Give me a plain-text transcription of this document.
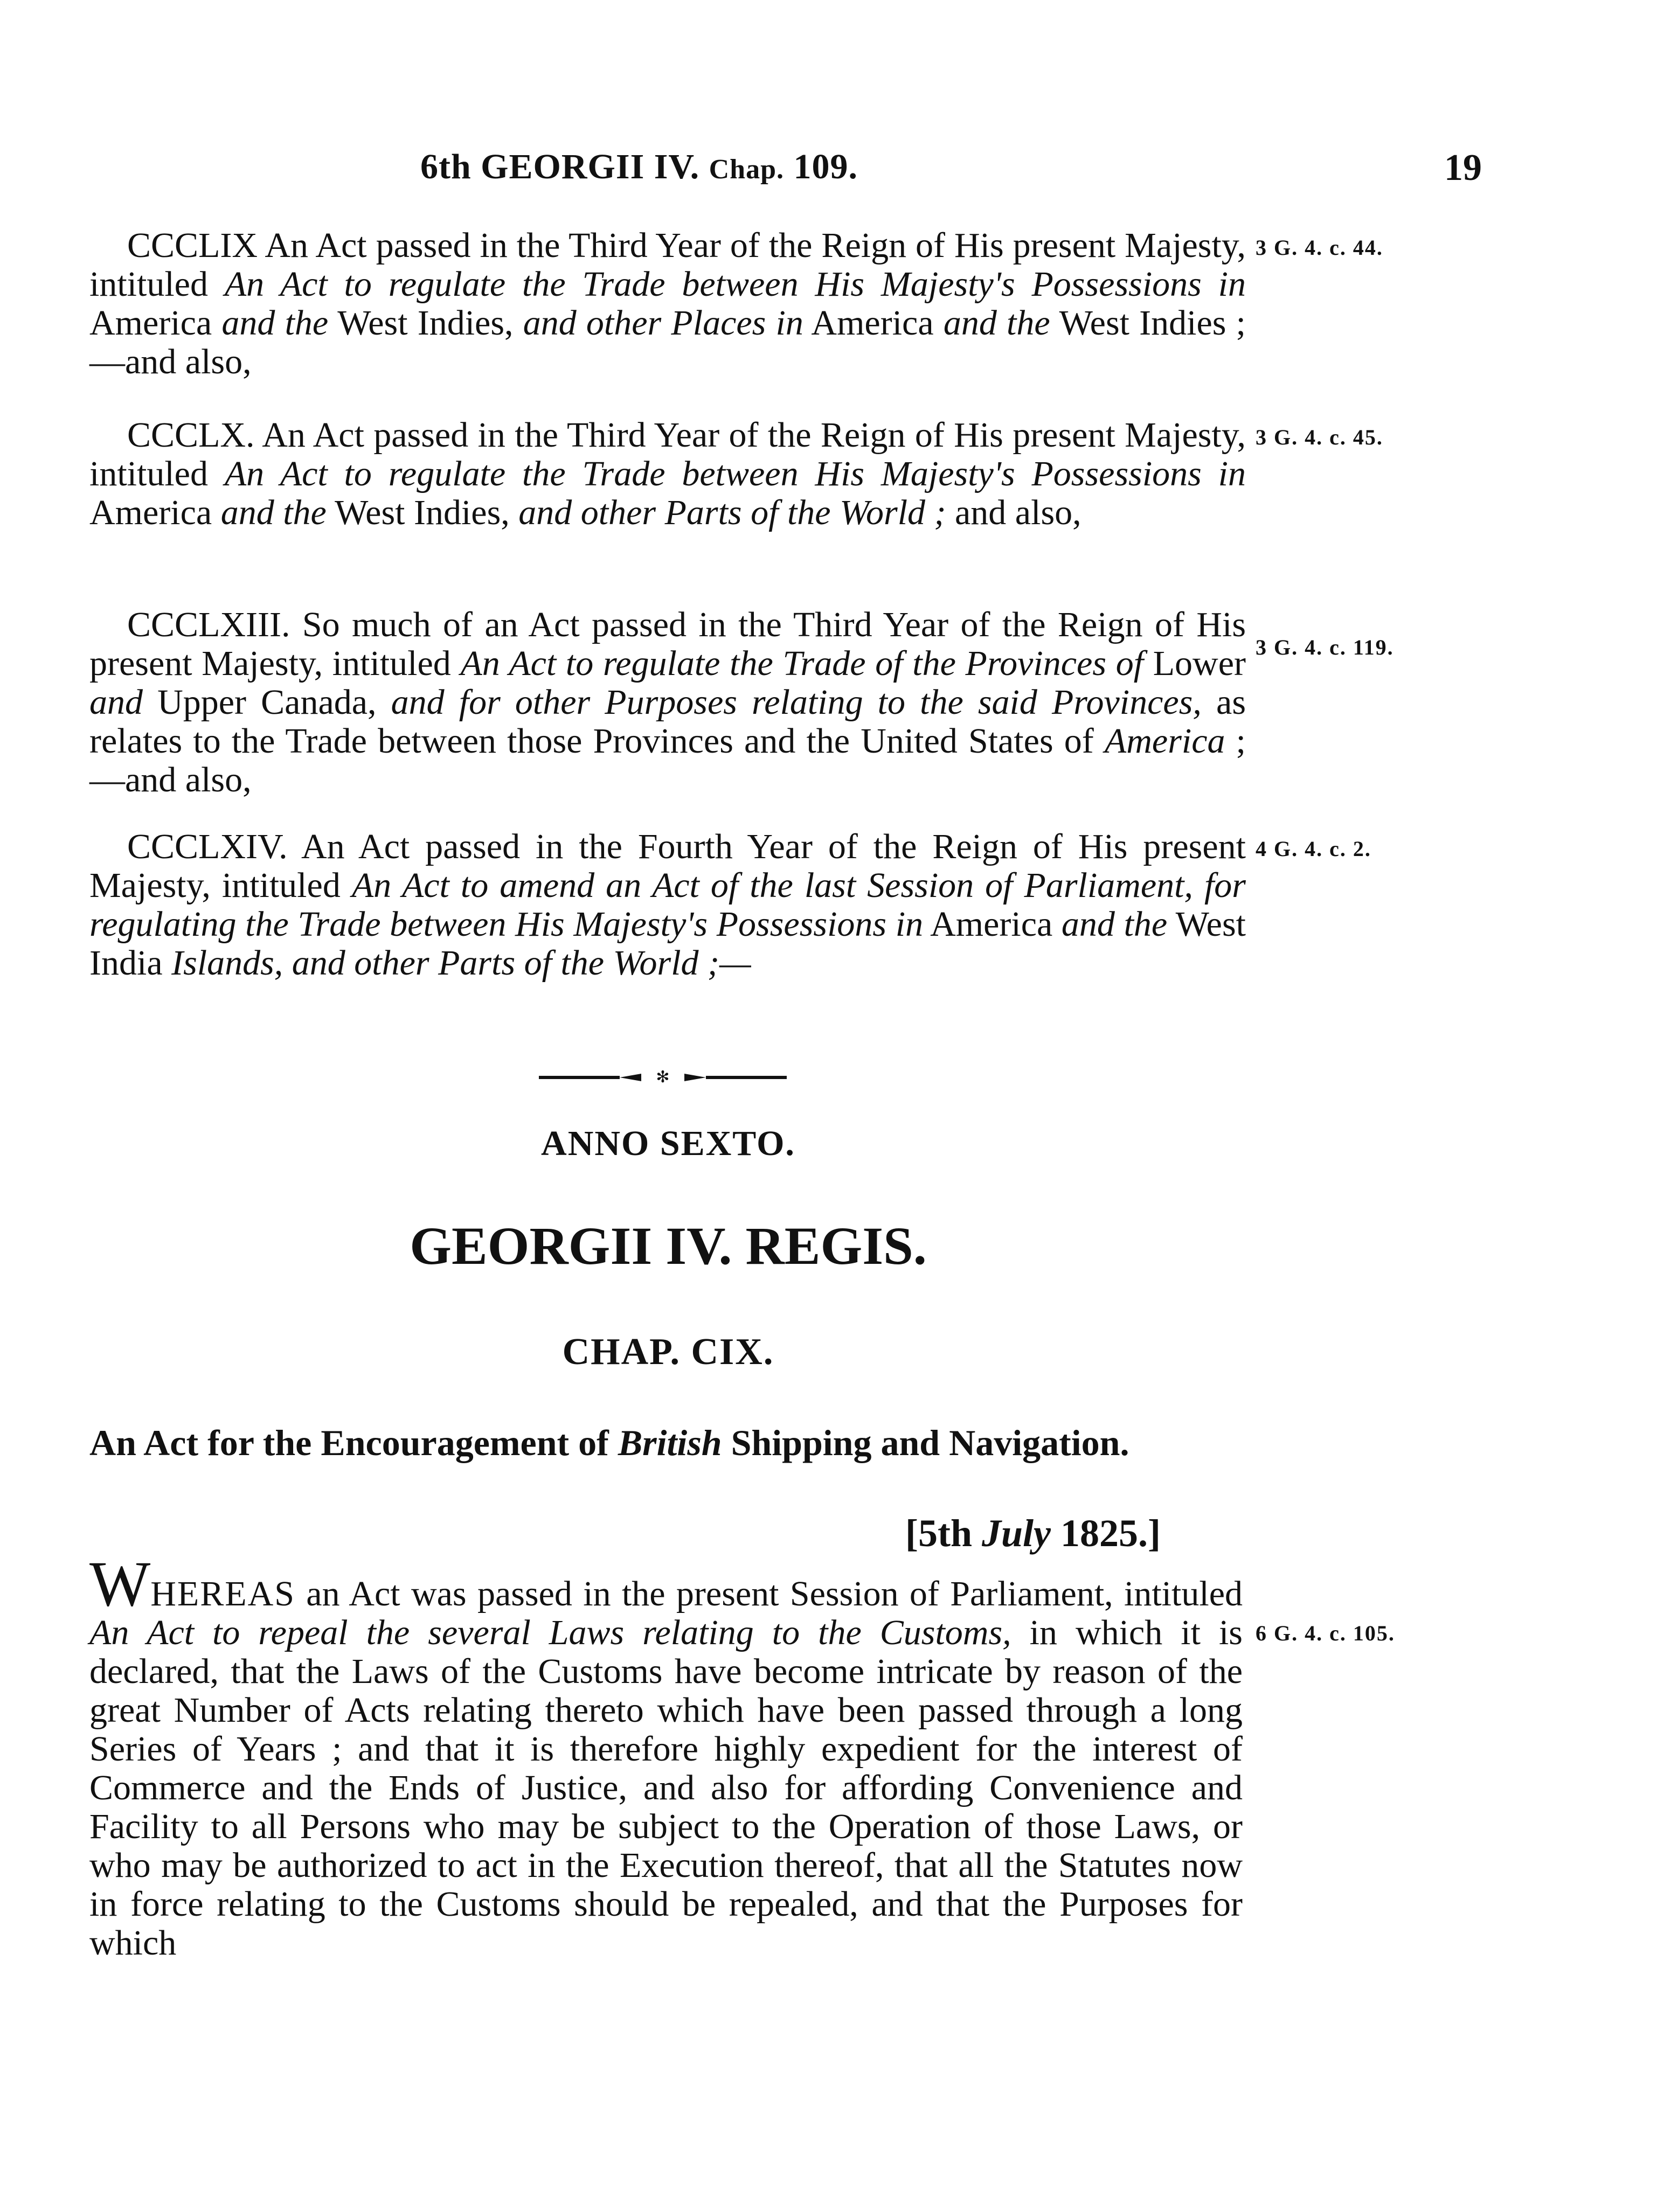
6th GEORGII IV. Chap. 109.	19
CCCLIX An Act passed in the Third Year of the Reign of His present Majesty, intituled An Act to regulate the Trade between His Majesty's Possessions in America and the West Indies, and other Places in America and the West Indies ;—and also,
3 G. 4. c. 44.
CCCLX. An Act passed in the Third Year of the Reign of His present Majesty, intituled An Act to regulate the Trade between His Majesty's Possessions in America and the West Indies, and other Parts of the World ; and also,
3 G. 4. c. 45.
CCCLXIII. So much of an Act passed in the Third Year of the Reign of His present Majesty, intituled An Act to regulate the Trade of the Provinces of Lower and Upper Canada, and for other Purposes relating to the said Provinces, as relates to the Trade between those Provinces and the United States of America ;—and also,
3 G. 4. c. 119.
CCCLXIV. An Act passed in the Fourth Year of the Reign of His present Majesty, intituled An Act to amend an Act of the last Session of Parliament, for regulating the Trade between His Majesty's Possessions in America and the West India Islands, and other Parts of the World ;—
4 G. 4. c. 2.
✻
ANNO SEXTO.
GEORGII IV. REGIS.
CHAP. CIX.
An Act for the Encouragement of British Shipping and Navigation.
[5th July 1825.]
WHEREAS an Act was passed in the present Session of Parliament, intituled An Act to repeal the several Laws relating to the Customs, in which it is declared, that the Laws of the Customs have become intricate by reason of the great Number of Acts relating thereto which have been passed through a long Series of Years ; and that it is therefore highly expedient for the interest of Commerce and the Ends of Justice, and also for affording Convenience and Facility to all Persons who may be subject to the Operation of those Laws, or who may be authorized to act in the Execution thereof, that all the Statutes now in force relating to the Customs should be repealed, and that the Purposes for which
6 G. 4. c. 105.
